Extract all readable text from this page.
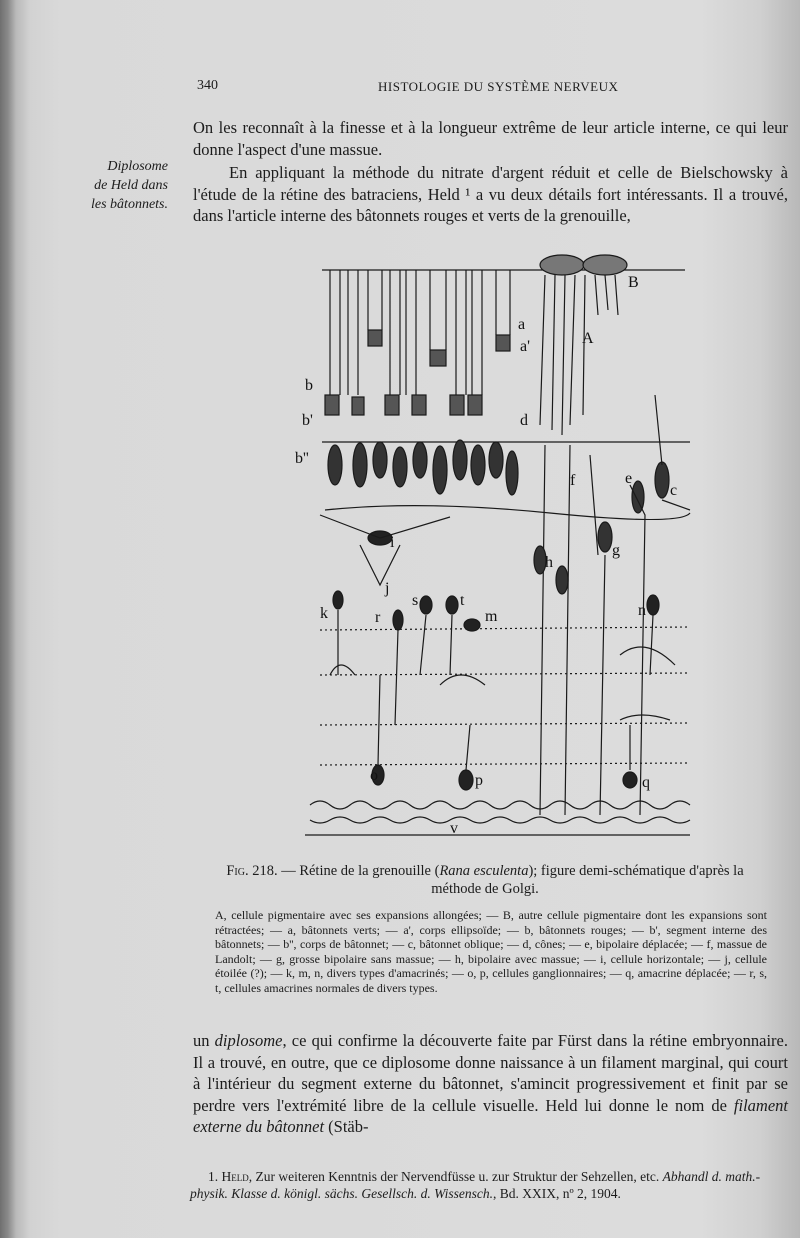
340	HISTOLOGIE DU SYSTÈME NERVEUX
Diplosome
de Held dans
les bâtonnets.
On les reconnaît à la finesse et à la longueur extrême de leur article interne, ce qui leur donne l'aspect d'une massue.
En appliquant la méthode du nitrate d'argent réduit et celle de Bielschowsky à l'étude de la rétine des batraciens, Held ¹ a vu deux détails fort intéressants. Il a trouvé, dans l'article interne des bâtonnets rouges et verts de la grenouille,
a
a'	A
B
b
b'
b''
d
e
c
f
g
h
i
j
k	r
s	t
m	n
o	p	q
v
Fig. 218. — Rétine de la grenouille (Rana esculenta); figure demi-schématique d'après la méthode de Golgi.
A, cellule pigmentaire avec ses expansions allongées; — B, autre cellule pigmentaire dont les expansions sont rétractées; — a, bâtonnets verts; — a', corps ellipsoïde; — b, bâtonnets rouges; — b', segment interne des bâtonnets; — b'', corps de bâtonnet; — c, bâtonnet oblique; — d, cônes; — e, bipolaire déplacée; — f, massue de Landolt; — g, grosse bipolaire sans massue; — h, bipolaire avec massue; — i, cellule horizontale; — j, cellule étoilée (?); — k, m, n, divers types d'amacrinés; — o, p, cellules ganglionnaires; — q, amacrine déplacée; — r, s, t, cellules amacrines normales de divers types.
un diplosome, ce qui confirme la découverte faite par Fürst dans la rétine embryonnaire. Il a trouvé, en outre, que ce diplosome donne naissance à un filament marginal, qui court à l'intérieur du segment externe du bâtonnet, s'amincit progressivement et finit par se perdre vers l'extrémité libre de la cellule visuelle. Held lui donne le nom de filament externe du bâtonnet (Stäb-
1. Held, Zur weiteren Kenntnis der Nervendfüsse u. zur Struktur der Sehzellen, etc. Abhandl d. math.-physik. Klasse d. königl. sächs. Gesellsch. d. Wissensch., Bd. XXIX, nº 2, 1904.
